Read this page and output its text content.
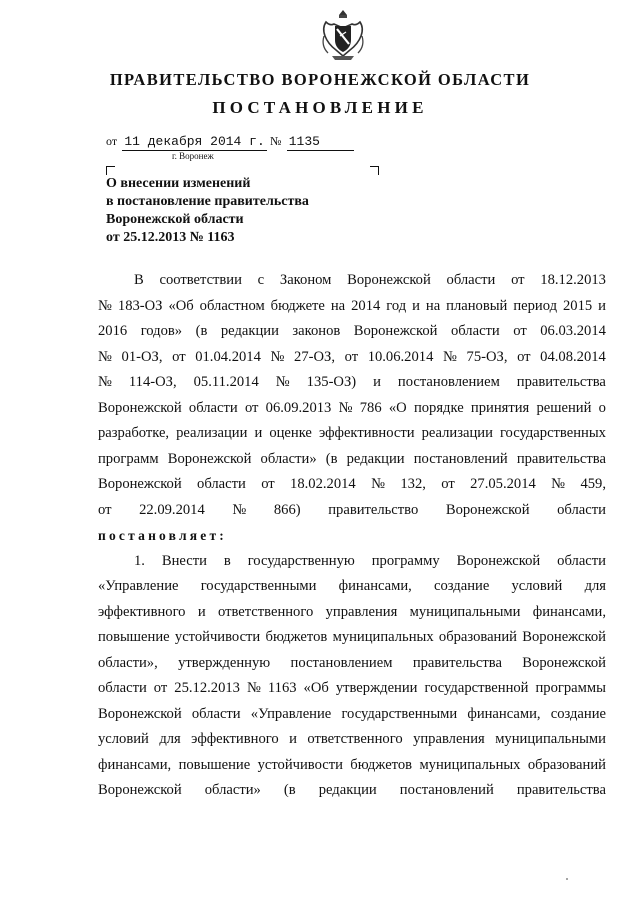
ПРАВИТЕЛЬСТВО ВОРОНЕЖСКОЙ ОБЛАСТИ
ПОСТАНОВЛЕНИЕ
от 11 декабря 2014 г. № 1135
г. Воронеж
О внесении изменений
в постановление правительства
Воронежской области
от 25.12.2013 № 1163
В соответствии с Законом Воронежской области от 18.12.2013
№ 183-ОЗ «Об областном бюджете на 2014 год и на плановый период 2015 и
2016 годов» (в редакции законов Воронежской области от 06.03.2014
№ 01-ОЗ, от 01.04.2014 № 27-ОЗ, от 10.06.2014 № 75-ОЗ, от 04.08.2014
№ 114-ОЗ, 05.11.2014 № 135-ОЗ) и постановлением правительства
Воронежской области от 06.09.2013 № 786 «О порядке принятия решений о
разработке, реализации и оценке эффективности реализации государственных
программ Воронежской области» (в редакции постановлений правительства
Воронежской области от 18.02.2014 № 132, от 27.05.2014 № 459,
от 22.09.2014 № 866) правительство Воронежской области
постановляет:
1. Внести в государственную программу Воронежской области
«Управление государственными финансами, создание условий для
эффективного и ответственного управления муниципальными финансами,
повышение устойчивости бюджетов муниципальных образований Воронежской
области», утвержденную постановлением правительства Воронежской
области от 25.12.2013 № 1163 «Об утверждении государственной программы
Воронежской области «Управление государственными финансами, создание
условий для эффективного и ответственного управления муниципальными
финансами, повышение устойчивости бюджетов муниципальных образований
Воронежской области» (в редакции постановлений правительства
